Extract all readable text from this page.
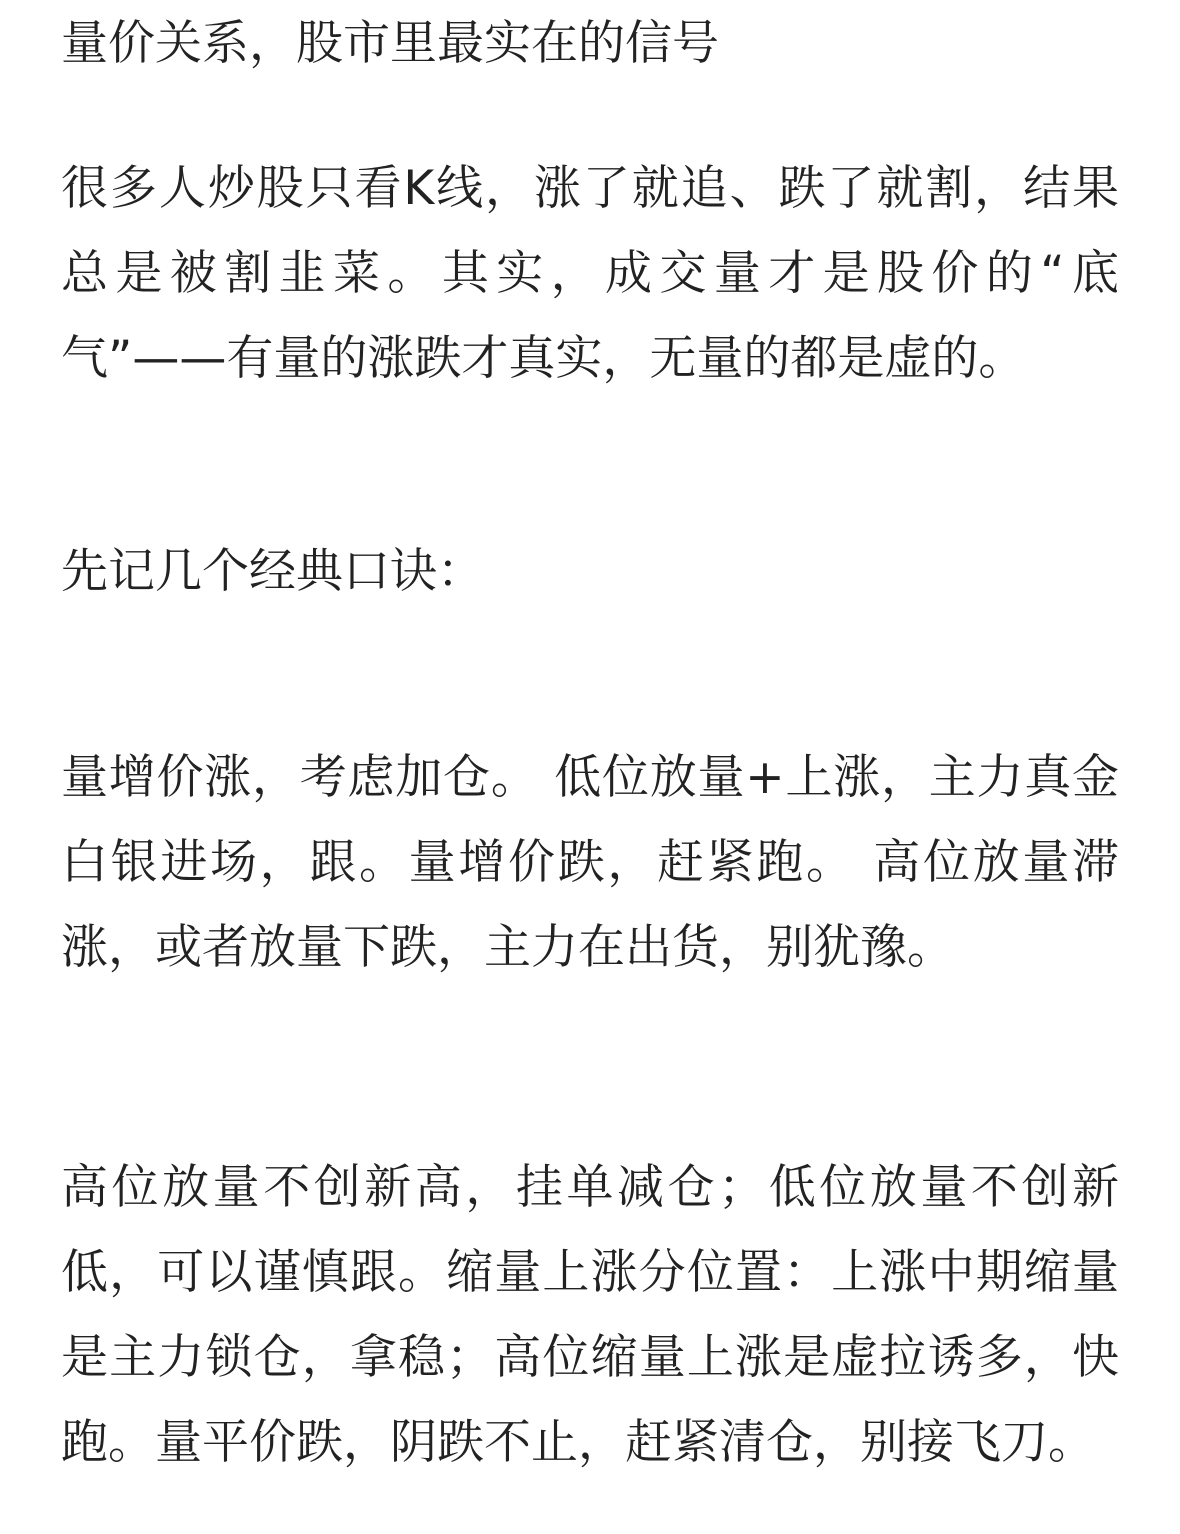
量价关系，股市里最实在的信号

很多人炒股只看K线，涨了就追、跌了就割，结果总是被割韭菜。其实，成交量才是股价的“底气”——有量的涨跌才真实，无量的都是虚的。

先记几个经典口诀：

量增价涨，考虑加仓。 低位放量+上涨，主力真金白银进场，跟。量增价跌，赶紧跑。 高位放量滞涨，或者放量下跌，主力在出货，别犹豫。

高位放量不创新高，挂单减仓；低位放量不创新低，可以谨慎跟。缩量上涨分位置：上涨中期缩量是主力锁仓，拿稳；高位缩量上涨是虚拉诱多，快跑。量平价跌，阴跌不止，赶紧清仓，别接飞刀。
